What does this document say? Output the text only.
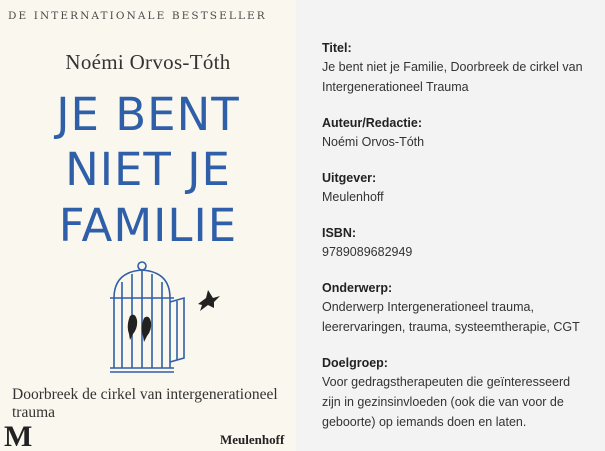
DE INTERNATIONALE BESTSELLER
Noémi Orvos-Tóth
JE BENT
NIET JE
FAMILIE
Doorbreek de cirkel van intergenerationeel trauma
M	Meulenhoff
Titel:
Je bent niet je Familie, Doorbreek de cirkel van Intergenerationeel Trauma
Auteur/Redactie:
Noémi Orvos-Tóth
Uitgever:
Meulenhoff
ISBN:
9789089682949
Onderwerp:
Onderwerp Intergenerationeel trauma, leerervaringen, trauma, systeemtherapie, CGT
Doelgroep:
Voor gedragstherapeuten die geïnteresseerd zijn in gezinsinvloeden (ook die van voor de geboorte) op iemands doen en laten.
